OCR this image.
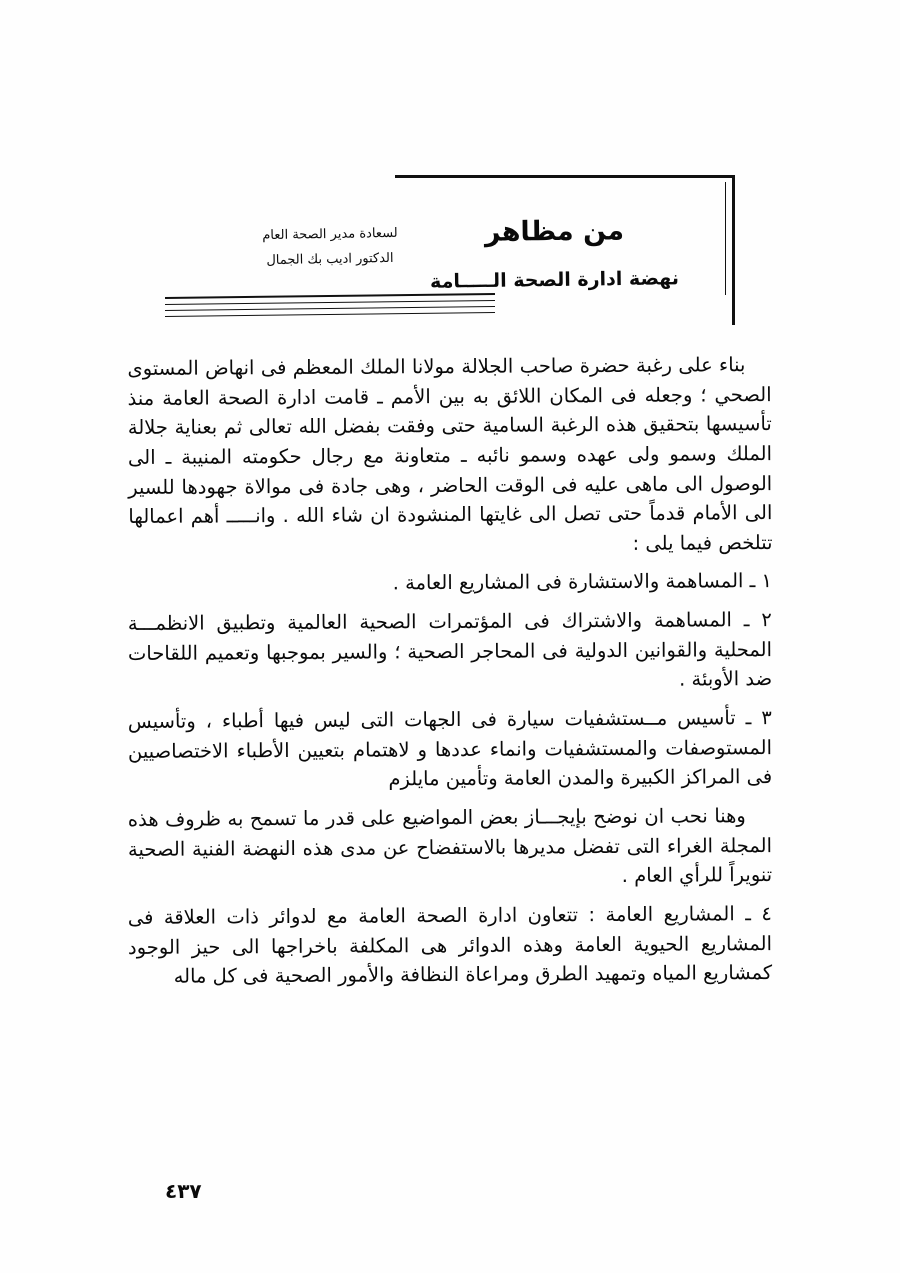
من مظاهر
نهضة ادارة الصحة الـــــامة
لسعادة مدير الصحة العام
الدكتور اديب بك الجمال

بناء على رغبة حضرة صاحب الجلالة مولانا الملك المعظم فى انهاض المستوى الصحي ؛ وجعله فى المكان اللائق به بين الأمم ـ قامت ادارة الصحة العامة منذ تأسيسها بتحقيق هذه الرغبة السامية حتى وفقت بفضل الله تعالى ثم بعناية جلالة الملك وسمو ولى عهده وسمو نائبه ـ متعاونة مع رجال حكومته المنيبة ـ الى الوصول الى ماهى عليه فى الوقت الحاضر ، وهى جادة فى موالاة جهودها للسير الى الأمام قدماً حتى تصل الى غايتها المنشودة ان شاء الله . وانـــــ أهم اعمالها تتلخص فيما يلى :

١ ـ المساهمة والاستشارة فى المشاريع العامة .

٢ ـ المساهمة والاشتراك فى المؤتمرات الصحية العالمية وتطبيق الانظمـــة المحلية والقوانين الدولية فى المحاجر الصحية ؛ والسير بموجبها وتعميم اللقاحات ضد الأوبئة .

٣ ـ تأسيس مــستشفيات سيارة فى الجهات التى ليس فيها أطباء ، وتأسيس المستوصفات والمستشفيات وانماء عددها و لاهتمام بتعيين الأطباء الاختصاصيين فى المراكز الكبيرة والمدن العامة وتأمين مايلزم

وهنا نحب ان نوضح بإيجـــاز بعض المواضيع على قدر ما تسمح به ظروف هذه المجلة الغراء التى تفضل مديرها بالاستفضاح عن مدى هذه النهضة الفنية الصحية تنويراً للرأي العام .

٤ ـ المشاريع العامة : تتعاون ادارة الصحة العامة مع لدوائر ذات العلاقة فى المشاريع الحيوية العامة وهذه الدوائر هى المكلفة باخراجها الى حيز الوجود كمشاريع المياه وتمهيد الطرق ومراعاة النظافة والأمور الصحية فى كل ماله

٤٣٧
